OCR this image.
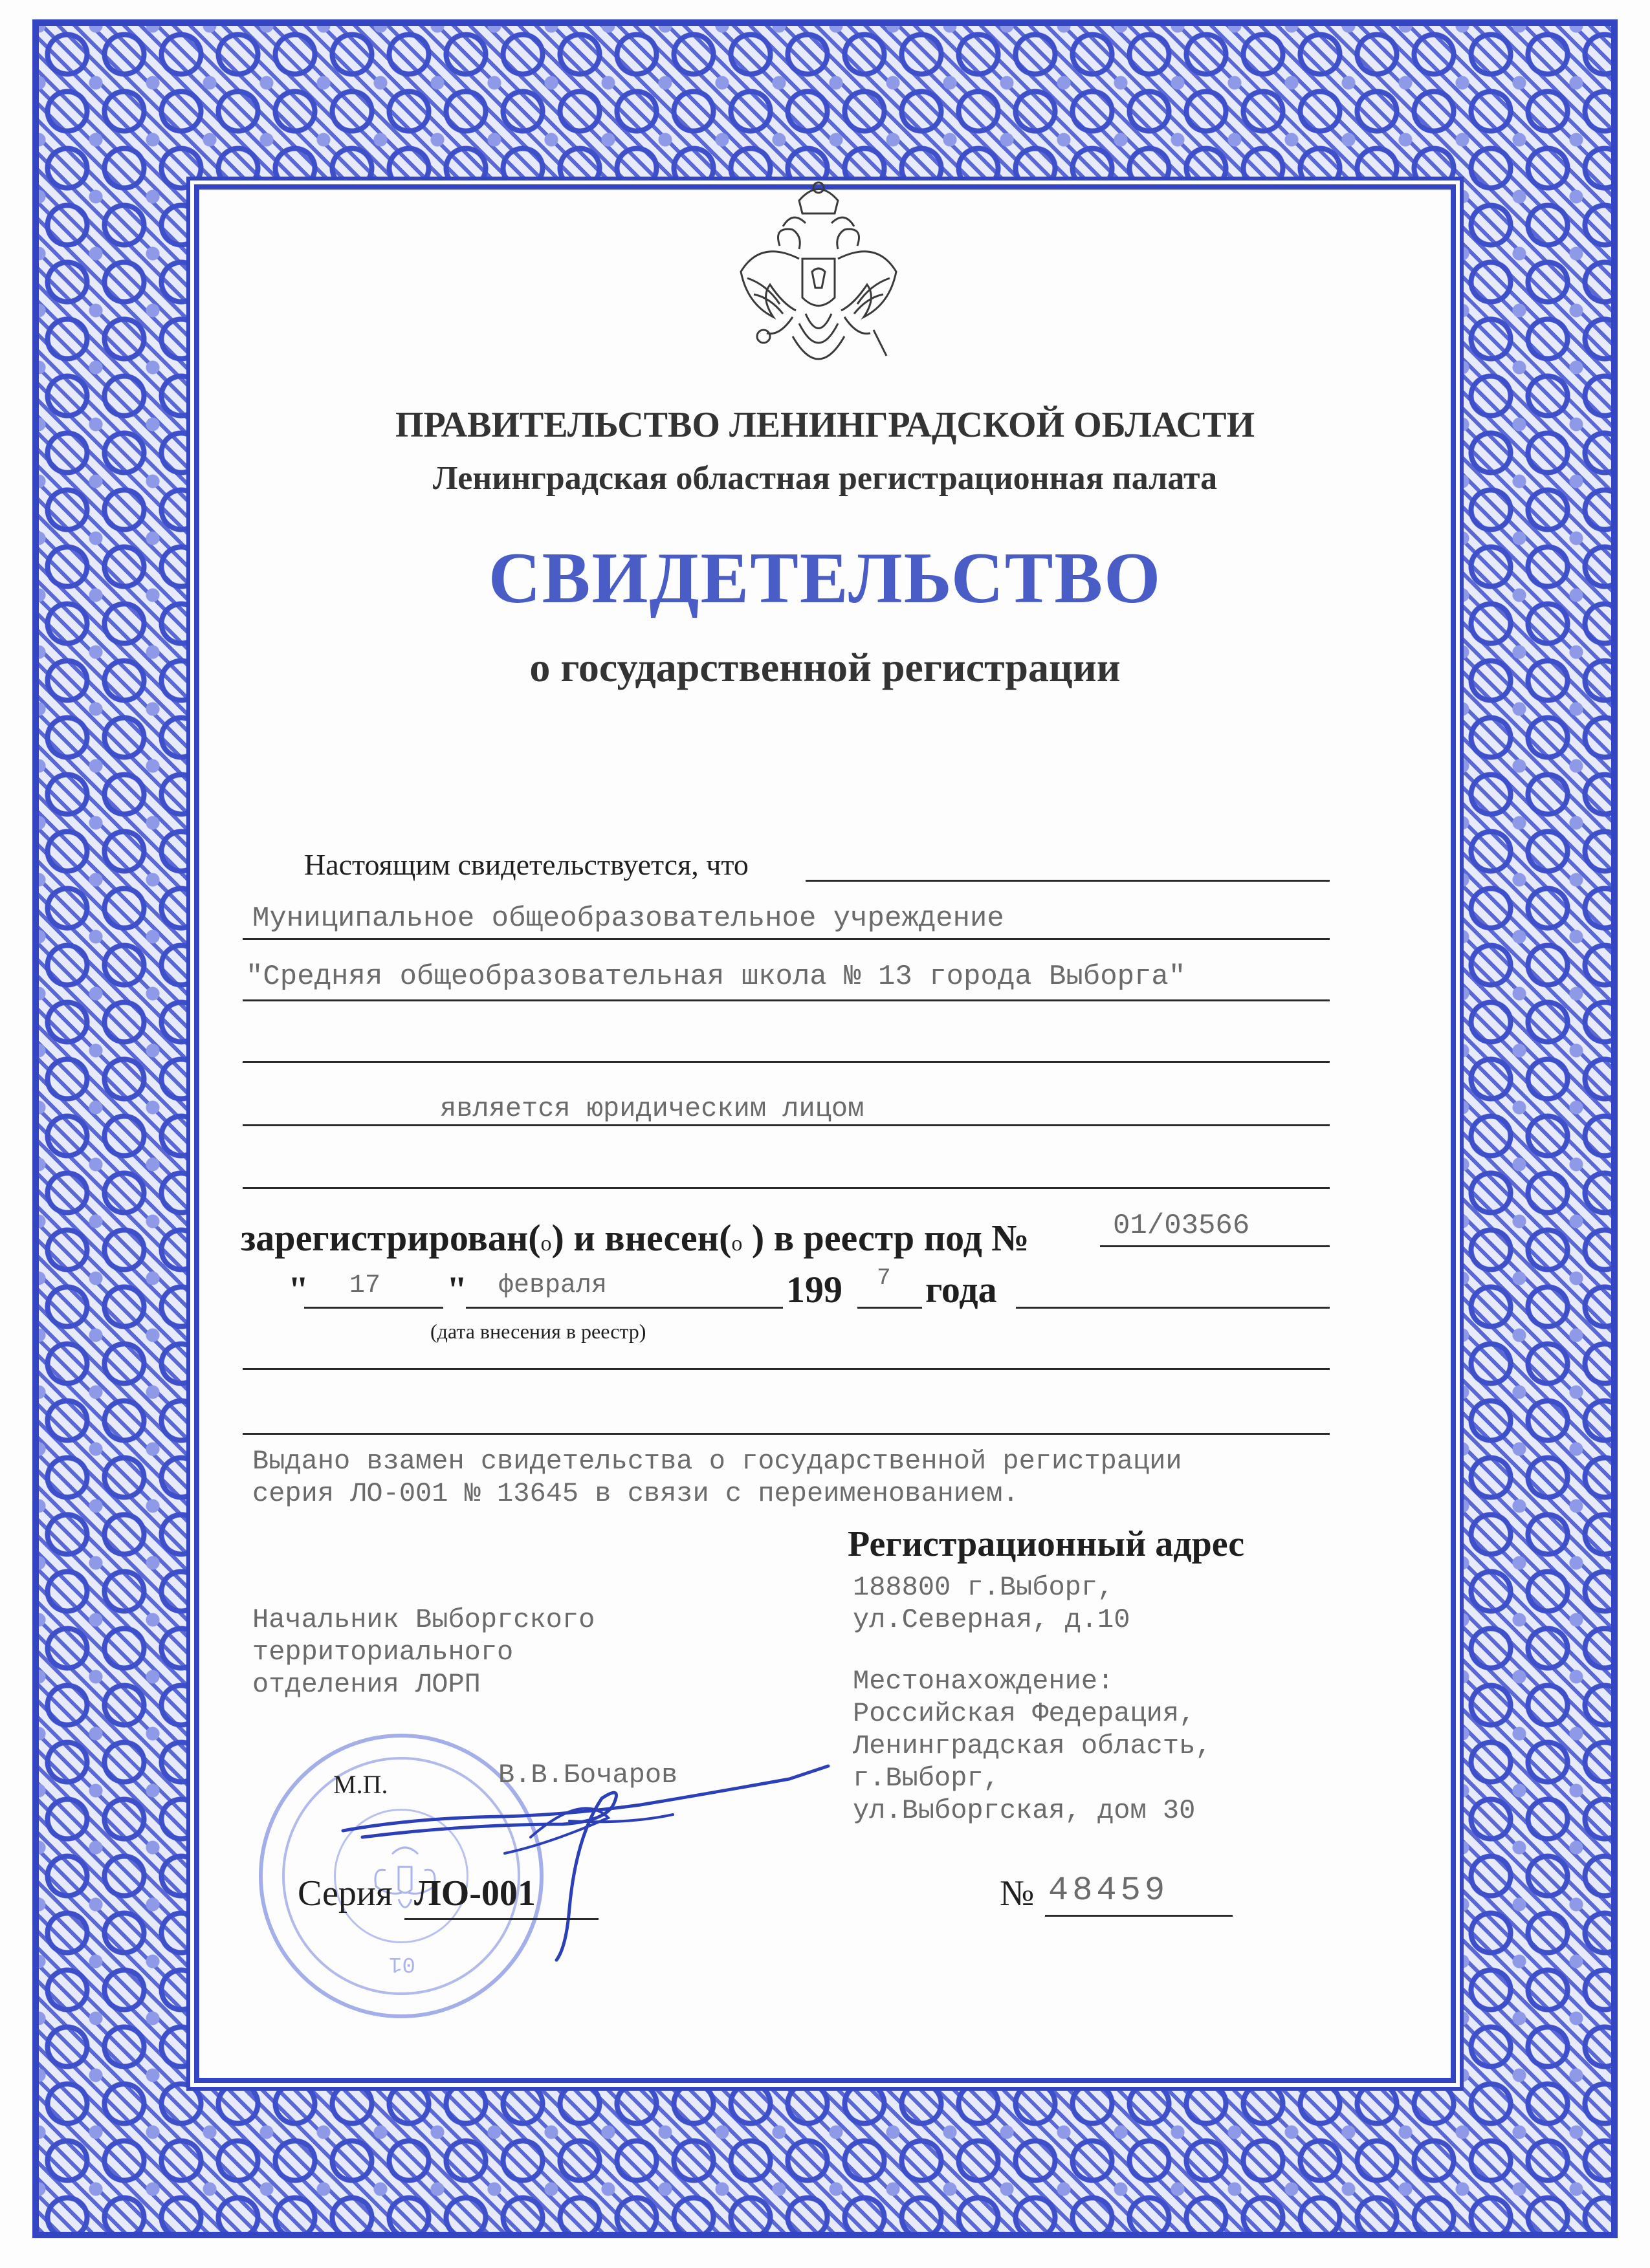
ПРАВИТЕЛЬСТВО ЛЕНИНГРАДСКОЙ ОБЛАСТИ
Ленинградская областная регистрационная палата
СВИДЕТЕЛЬСТВО
о государственной регистрации
Настоящим свидетельствуется, что
Муниципальное общеобразовательное учреждение
"Средняя общеобразовательная школа № 13 города Выборга"
является юридическим лицом
зарегистрирован(о) и внесен(о ) в реестр под №	01/03566
" 17 " февраля	199 7 года
(дата внесения в реестр)
Выдано взамен свидетельства о государственной регистрации
серия ЛО-001 № 13645 в связи с переименованием.
Регистрационный адрес
188800 г.Выборг,
ул.Северная, д.10
Местонахождение:
Российская Федерация,
Ленинградская область,
г.Выборг,
ул.Выборгская, дом 30
Начальник Выборгского
территориального
отделения ЛОРП
01
М.П.	В.В.Бочаров
Серия ЛО-001	№ 48459
